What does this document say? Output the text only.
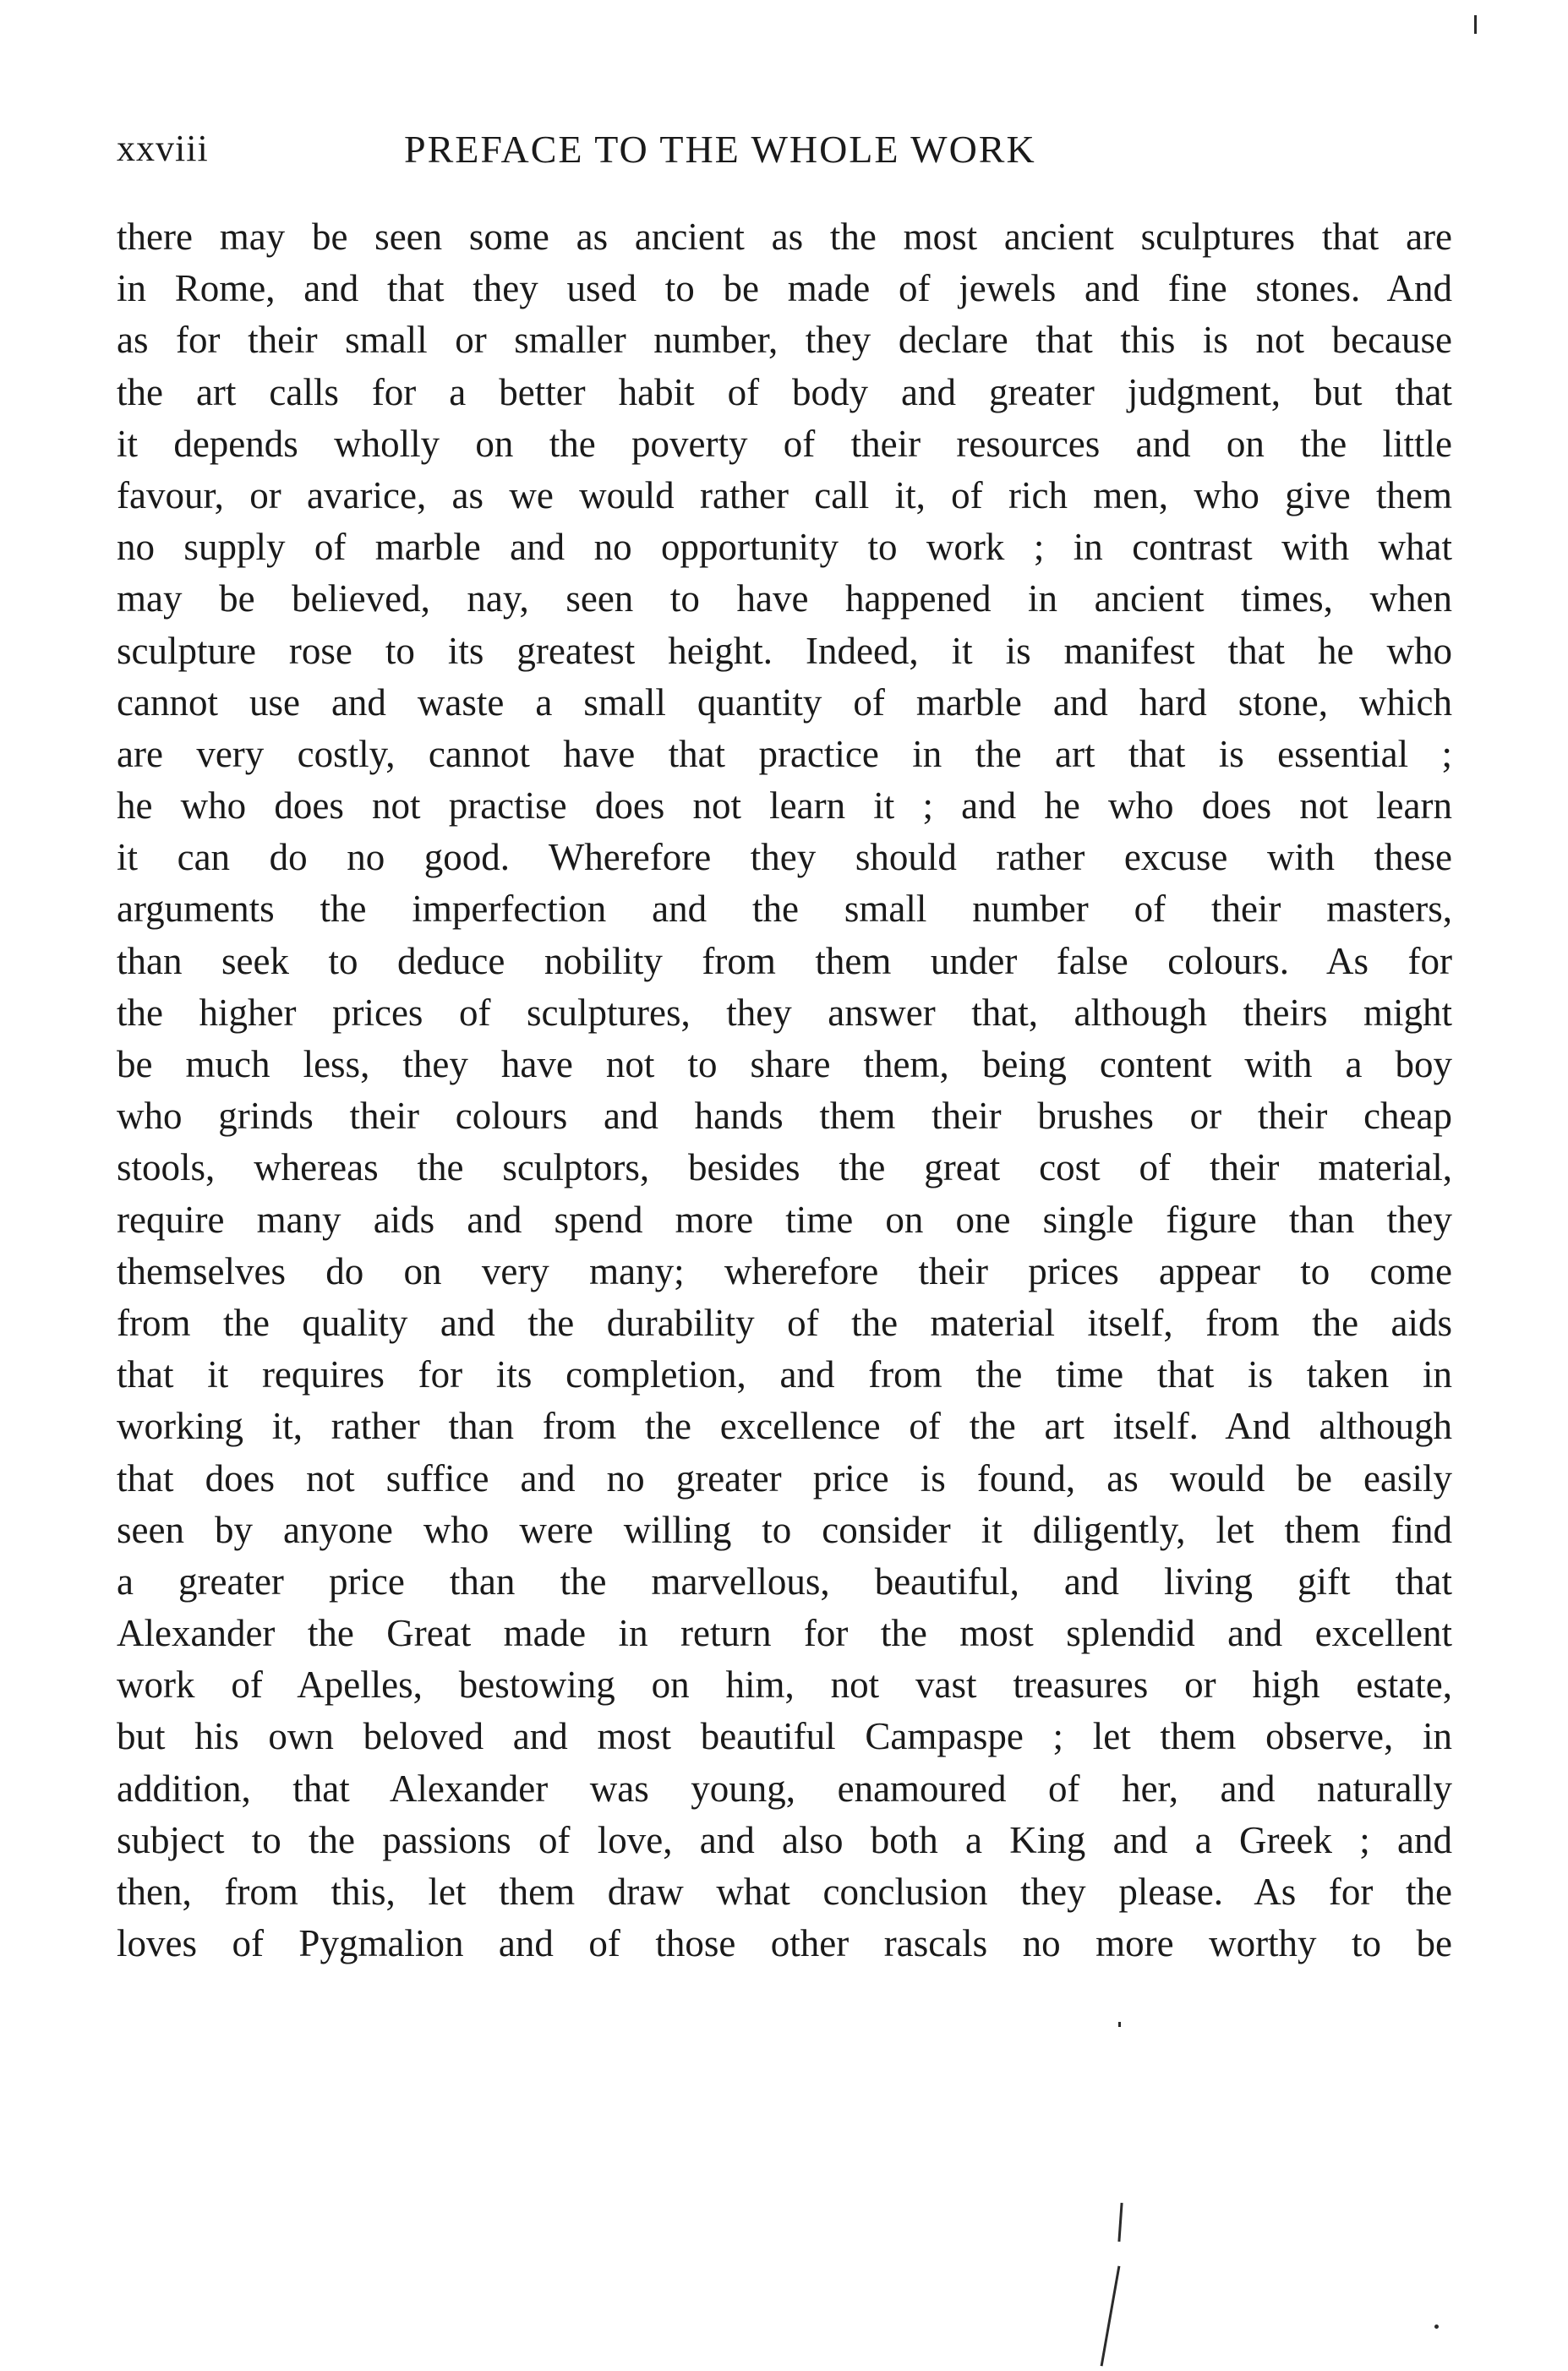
xxviii	PREFACE TO THE WHOLE WORK
there may be seen some as ancient as the most ancient sculptures that are
in Rome, and that they used to be made of jewels and fine stones. And
as for their small or smaller number, they declare that this is not because
the art calls for a better habit of body and greater judgment, but that
it depends wholly on the poverty of their resources and on the little
favour, or avarice, as we would rather call it, of rich men, who give them
no supply of marble and no opportunity to work ; in contrast with what
may be believed, nay, seen to have happened in ancient times, when
sculpture rose to its greatest height. Indeed, it is manifest that he who
cannot use and waste a small quantity of marble and hard stone, which
are very costly, cannot have that practice in the art that is essential ;
he who does not practise does not learn it ; and he who does not learn
it can do no good. Wherefore they should rather excuse with these
arguments the imperfection and the small number of their masters,
than seek to deduce nobility from them under false colours. As for
the higher prices of sculptures, they answer that, although theirs might
be much less, they have not to share them, being content with a boy
who grinds their colours and hands them their brushes or their cheap
stools, whereas the sculptors, besides the great cost of their material,
require many aids and spend more time on one single figure than they
themselves do on very many; wherefore their prices appear to come
from the quality and the durability of the material itself, from the aids
that it requires for its completion, and from the time that is taken in
working it, rather than from the excellence of the art itself. And although
that does not suffice and no greater price is found, as would be easily
seen by anyone who were willing to consider it diligently, let them find
a greater price than the marvellous, beautiful, and living gift that
Alexander the Great made in return for the most splendid and excellent
work of Apelles, bestowing on him, not vast treasures or high estate,
but his own beloved and most beautiful Campaspe ; let them observe, in
addition, that Alexander was young, enamoured of her, and naturally
subject to the passions of love, and also both a King and a Greek ; and
then, from this, let them draw what conclusion they please. As for the
loves of Pygmalion and of those other rascals no more worthy to be
